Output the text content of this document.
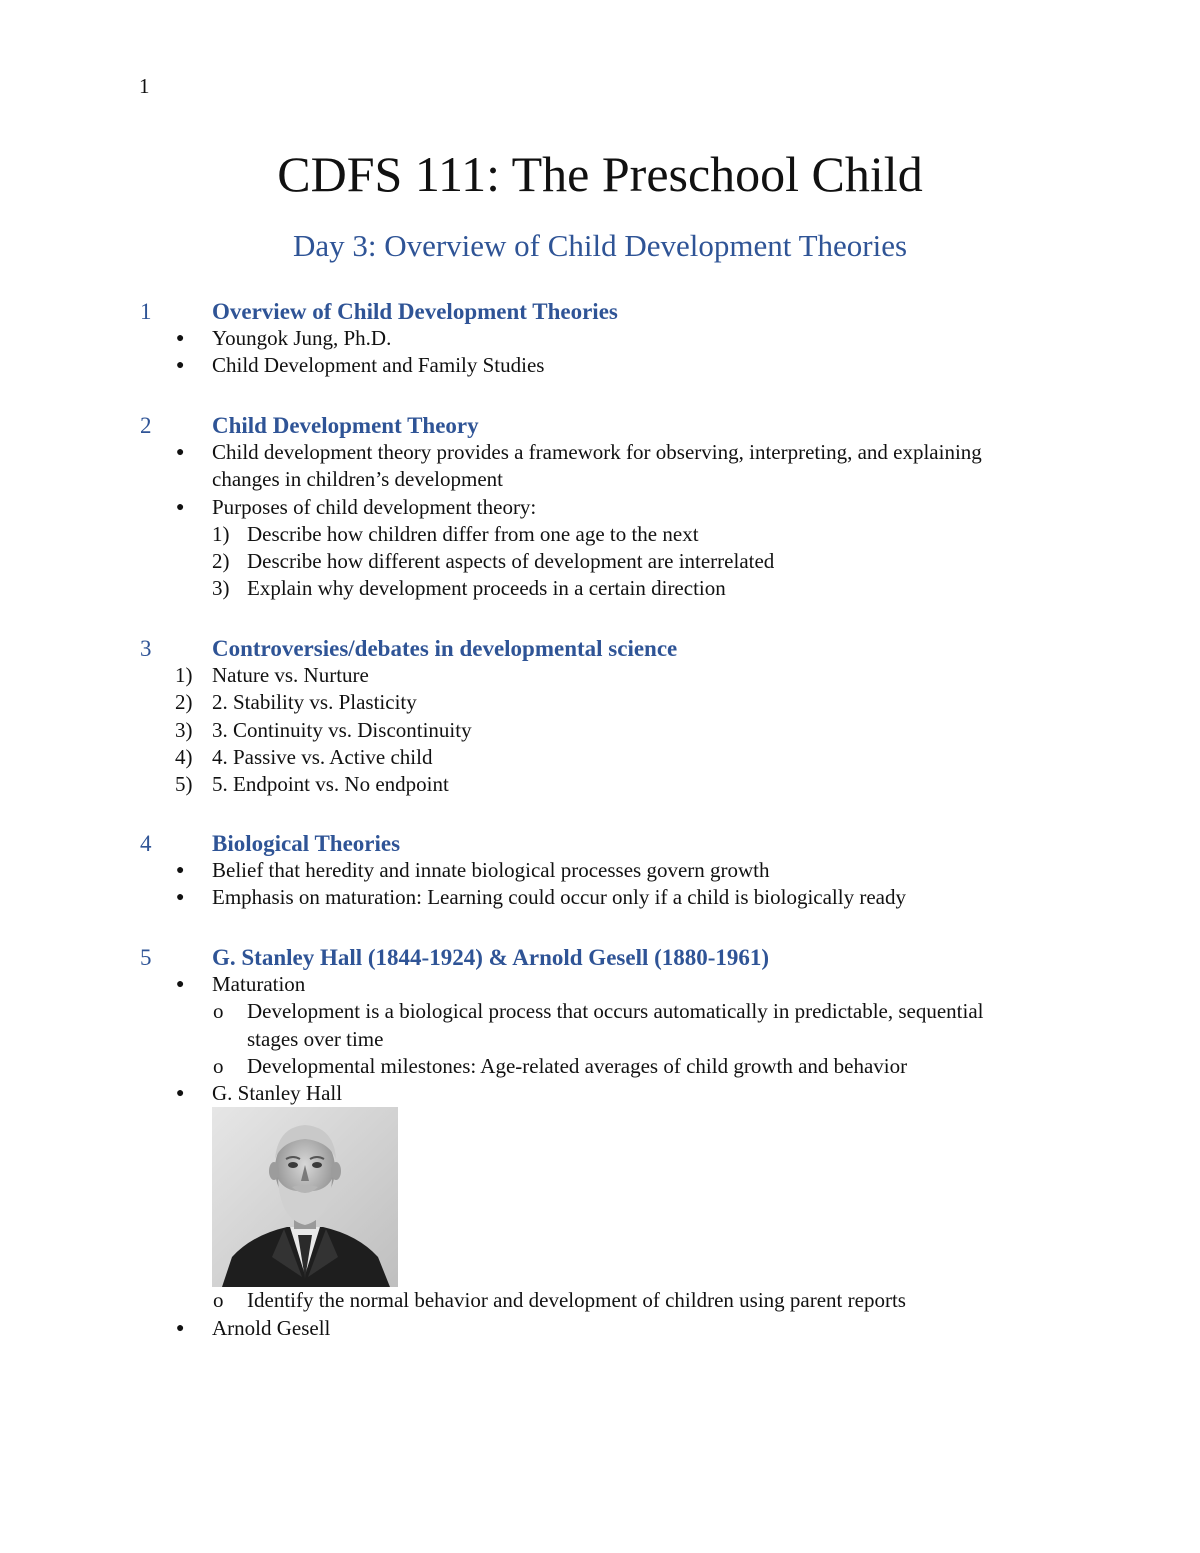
1
CDFS 111: The Preschool Child
Day 3: Overview of Child Development Theories
1	Overview of Child Development Theories
● Youngok Jung, Ph.D.
● Child Development and Family Studies
2	Child Development Theory
● Child development theory provides a framework for observing, interpreting, and explaining changes in children’s development
● Purposes of child development theory:
1) Describe how children differ from one age to the next
2) Describe how different aspects of development are interrelated
3) Explain why development proceeds in a certain direction
3	Controversies/debates in developmental science
1) Nature vs. Nurture
2) 2. Stability vs. Plasticity
3) 3. Continuity vs. Discontinuity
4) 4. Passive vs. Active child
5) 5. Endpoint vs. No endpoint
4	Biological Theories
● Belief that heredity and innate biological processes govern growth
● Emphasis on maturation: Learning could occur only if a child is biologically ready
5	G. Stanley Hall (1844-1924) & Arnold Gesell (1880-1961)
● Maturation
o Development is a biological process that occurs automatically in predictable, sequential stages over time
o Developmental milestones: Age-related averages of child growth and behavior
● G. Stanley Hall
o Identify the normal behavior and development of children using parent reports
● Arnold Gesell
